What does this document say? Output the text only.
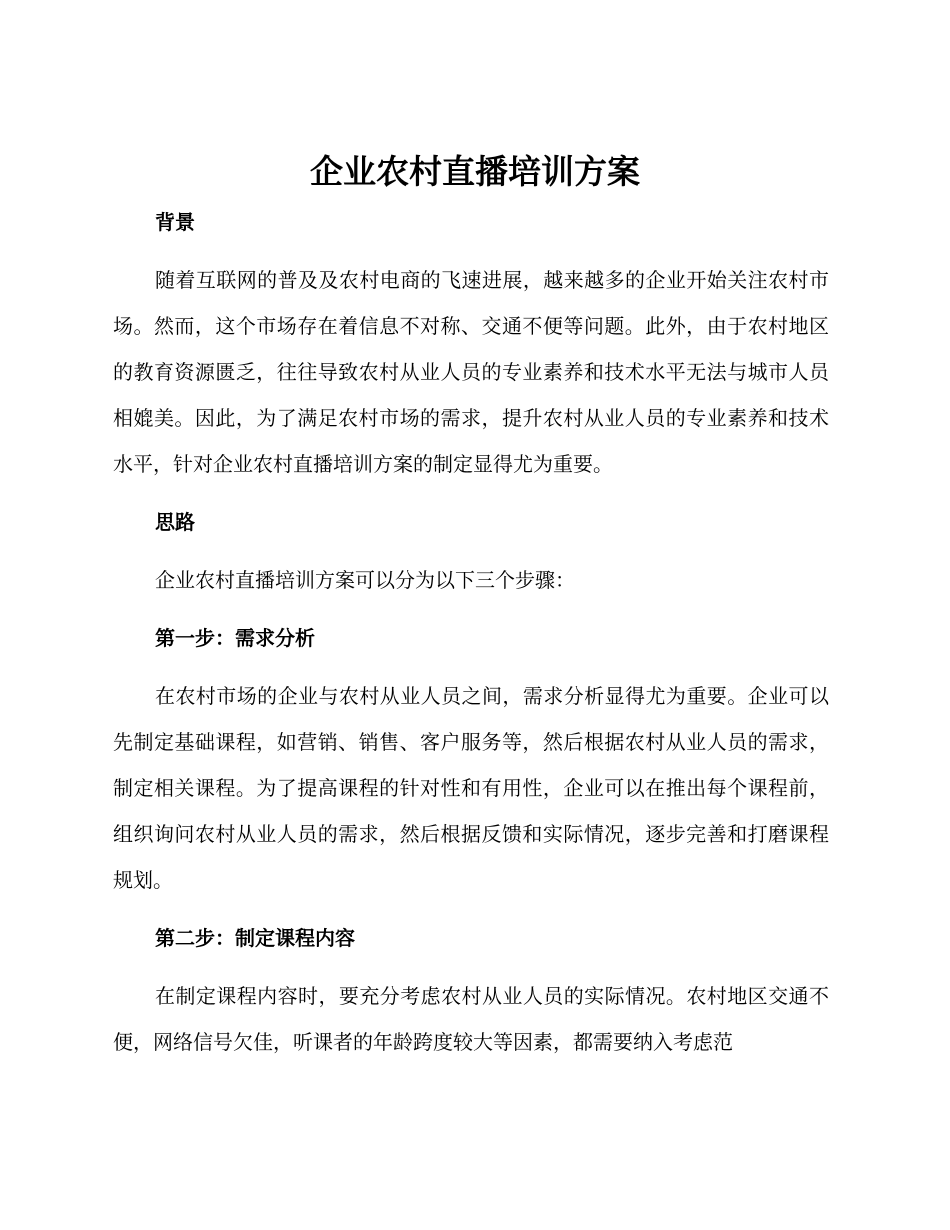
企业农村直播培训方案

背景

随着互联网的普及及农村电商的飞速进展，越来越多的企业开始关注农村市场。然而，这个市场存在着信息不对称、交通不便等问题。此外，由于农村地区的教育资源匮乏，往往导致农村从业人员的专业素养和技术水平无法与城市人员相媲美。因此，为了满足农村市场的需求，提升农村从业人员的专业素养和技术水平，针对企业农村直播培训方案的制定显得尤为重要。

思路

企业农村直播培训方案可以分为以下三个步骤：

第一步：需求分析

在农村市场的企业与农村从业人员之间，需求分析显得尤为重要。企业可以先制定基础课程，如营销、销售、客户服务等，然后根据农村从业人员的需求，制定相关课程。为了提高课程的针对性和有用性，企业可以在推出每个课程前，组织询问农村从业人员的需求，然后根据反馈和实际情况，逐步完善和打磨课程规划。

第二步：制定课程内容

在制定课程内容时，要充分考虑农村从业人员的实际情况。农村地区交通不便，网络信号欠佳，听课者的年龄跨度较大等因素，都需要纳入考虑范
